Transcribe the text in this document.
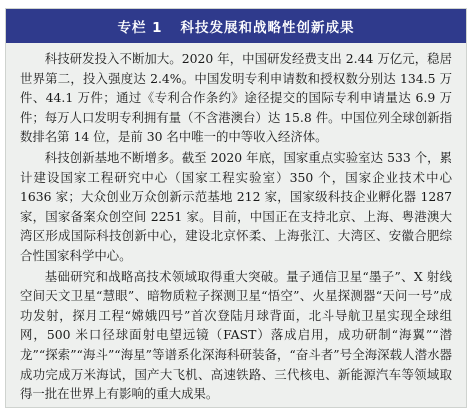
专栏 1 科技发展和战略性创新成果

科技研发投入不断加大。2020 年，中国研发经费支出 2.44 万亿元，稳居世界第二，投入强度达 2.4%。中国发明专利申请数和授权数分别达 134.5 万件、44.1 万件；通过《专利合作条约》途径提交的国际专利申请量达 6.9 万件；每万人口发明专利拥有量（不含港澳台）达 15.8 件。中国位列全球创新指数排名第 14 位，是前 30 名中唯一的中等收入经济体。

科技创新基地不断增多。截至 2020 年底，国家重点实验室达 533 个，累计建设国家工程研究中心（国家工程实验室）350 个，国家企业技术中心 1636 家；大众创业万众创新示范基地 212 家，国家级科技企业孵化器 1287 家，国家备案众创空间 2251 家。目前，中国正在支持北京、上海、粤港澳大湾区形成国际科技创新中心，建设北京怀柔、上海张江、大湾区、安徽合肥综合性国家科学中心。

基础研究和战略高技术领域取得重大突破。量子通信卫星“墨子”、X 射线空间天文卫星“慧眼”、暗物质粒子探测卫星“悟空”、火星探测器“天问一号”成功发射，探月工程“嫦娥四号”首次登陆月球背面，北斗导航卫星实现全球组网，500 米口径球面射电望远镜（FAST）落成启用，成功研制“海翼”“潜龙”“探索”“海斗”“海星”等谱系化深海科研装备，“奋斗者”号全海深载人潜水器成功完成万米海试，国产大飞机、高速铁路、三代核电、新能源汽车等领域取得一批在世界上有影响的重大成果。
